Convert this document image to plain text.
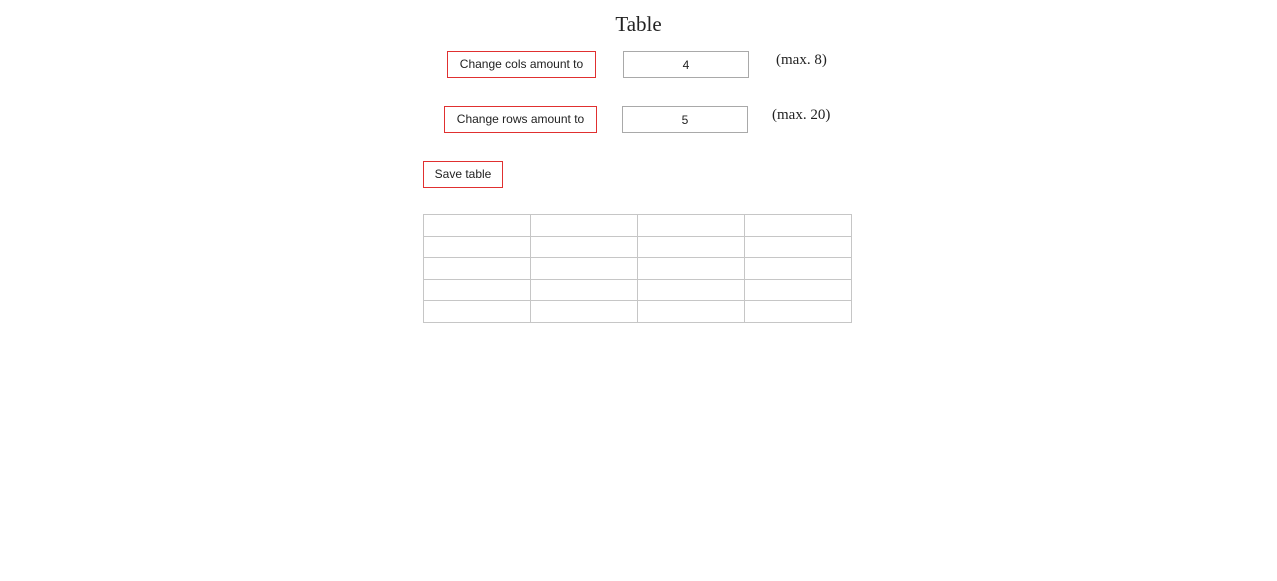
Table
Change cols amount to
4	(max. 8)
Change rows amount to
5	(max. 20)
Save table
